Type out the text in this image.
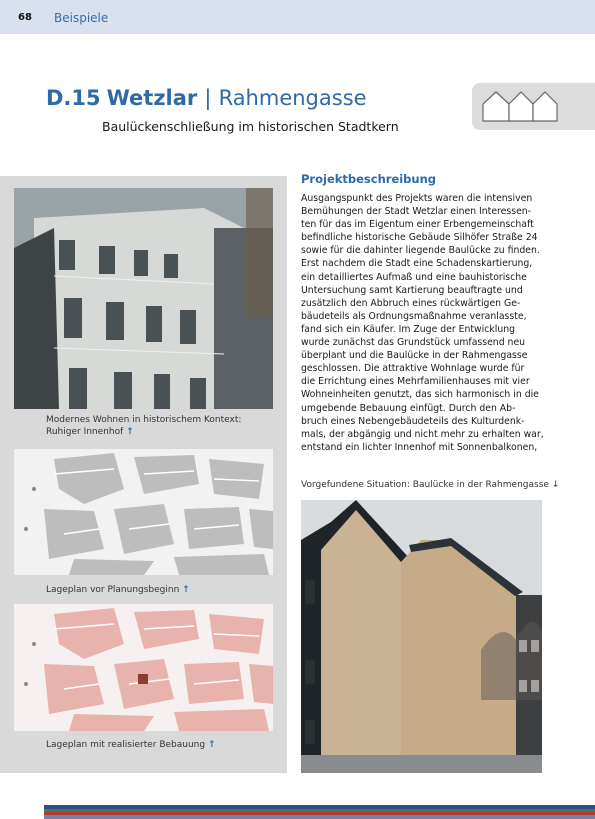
68 Beispiele
D.15 Wetzlar | Rahmengasse
Baulückenschließung im historischen Stadtkern
Modernes Wohnen in historischem Kontext:
Ruhiger Innenhof ↑
Lageplan vor Planungsbeginn ↑
Lageplan mit realisierter Bebauung ↑
Projektbeschreibung
Ausgangspunkt des Projekts waren die intensiven
Bemühungen der Stadt Wetzlar einen Interessen-
ten für das im Eigentum einer Erbengemeinschaft
befindliche historische Gebäude Silhöfer Straße 24
sowie für die dahinter liegende Baulücke zu finden.
Erst nachdem die Stadt eine Schadenskartierung,
ein detailliertes Aufmaß und eine bauhistorische
Untersuchung samt Kartierung beauftragte und
zusätzlich den Abbruch eines rückwärtigen Ge-
bäudeteils als Ordnungsmaßnahme veranlasste,
fand sich ein Käufer. Im Zuge der Entwicklung
wurde zunächst das Grundstück umfassend neu
überplant und die Baulücke in der Rahmengasse
geschlossen. Die attraktive Wohnlage wurde für
die Errichtung eines Mehrfamilienhauses mit vier
Wohneinheiten genutzt, das sich harmonisch in die
umgebende Bebauung einfügt. Durch den Ab-
bruch eines Nebengebäudeteils des Kulturdenk-
mals, der abgängig und nicht mehr zu erhalten war,
entstand ein lichter Innenhof mit Sonnenbalkonen,
Vorgefundene Situation: Baulücke in der Rahmengasse ↓
